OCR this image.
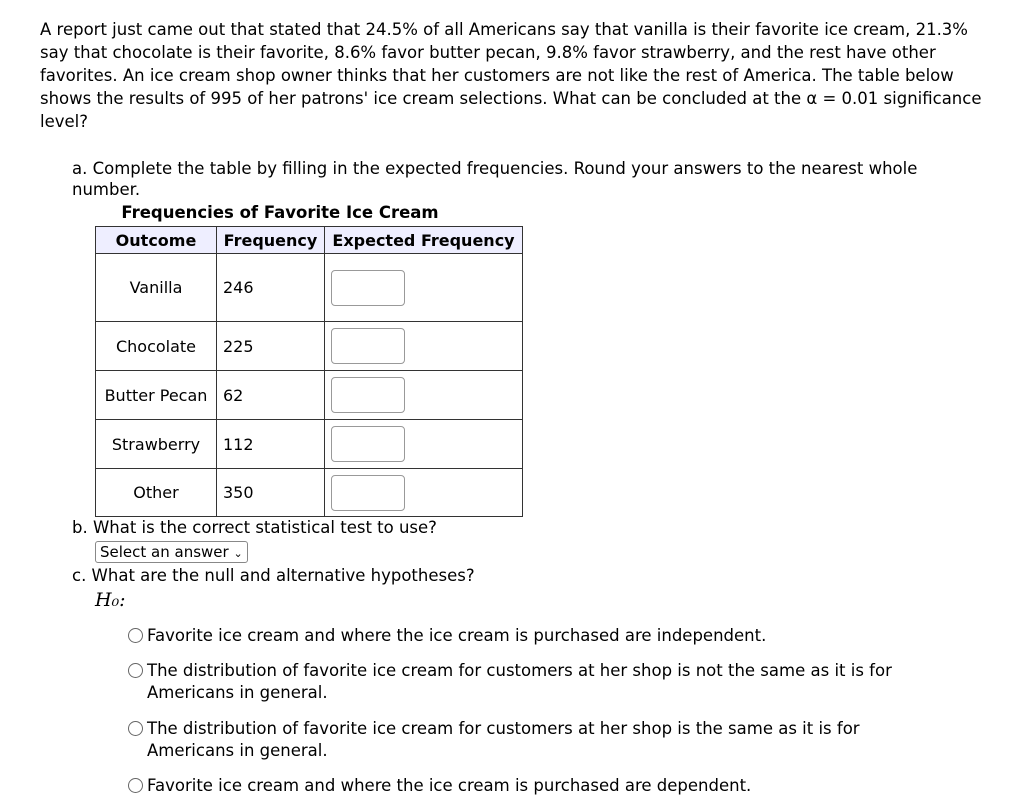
A report just came out that stated that 24.5% of all Americans say that vanilla is their favorite ice cream, 21.3% say that chocolate is their favorite, 8.6% favor butter pecan, 9.8% favor strawberry, and the rest have other favorites. An ice cream shop owner thinks that her customers are not like the rest of America. The table below shows the results of 995 of her patrons' ice cream selections. What can be concluded at the α = 0.01 significance level?
a. Complete the table by filling in the expected frequencies. Round your answers to the nearest whole number.
Frequencies of Favorite Ice Cream
Outcome	Frequency	Expected Frequency
Vanilla	246	

Chocolate	225	

Butter Pecan	62	

Strawberry	112	

Other	350	
b. What is the correct statistical test to use?
Select an answer ⌄
c. What are the null and alternative hypotheses?
H₀:
Favorite ice cream and where the ice cream is purchased are independent.
The distribution of favorite ice cream for customers at her shop is not the same as it is for
Americans in general.
The distribution of favorite ice cream for customers at her shop is the same as it is for
Americans in general.
Favorite ice cream and where the ice cream is purchased are dependent.
